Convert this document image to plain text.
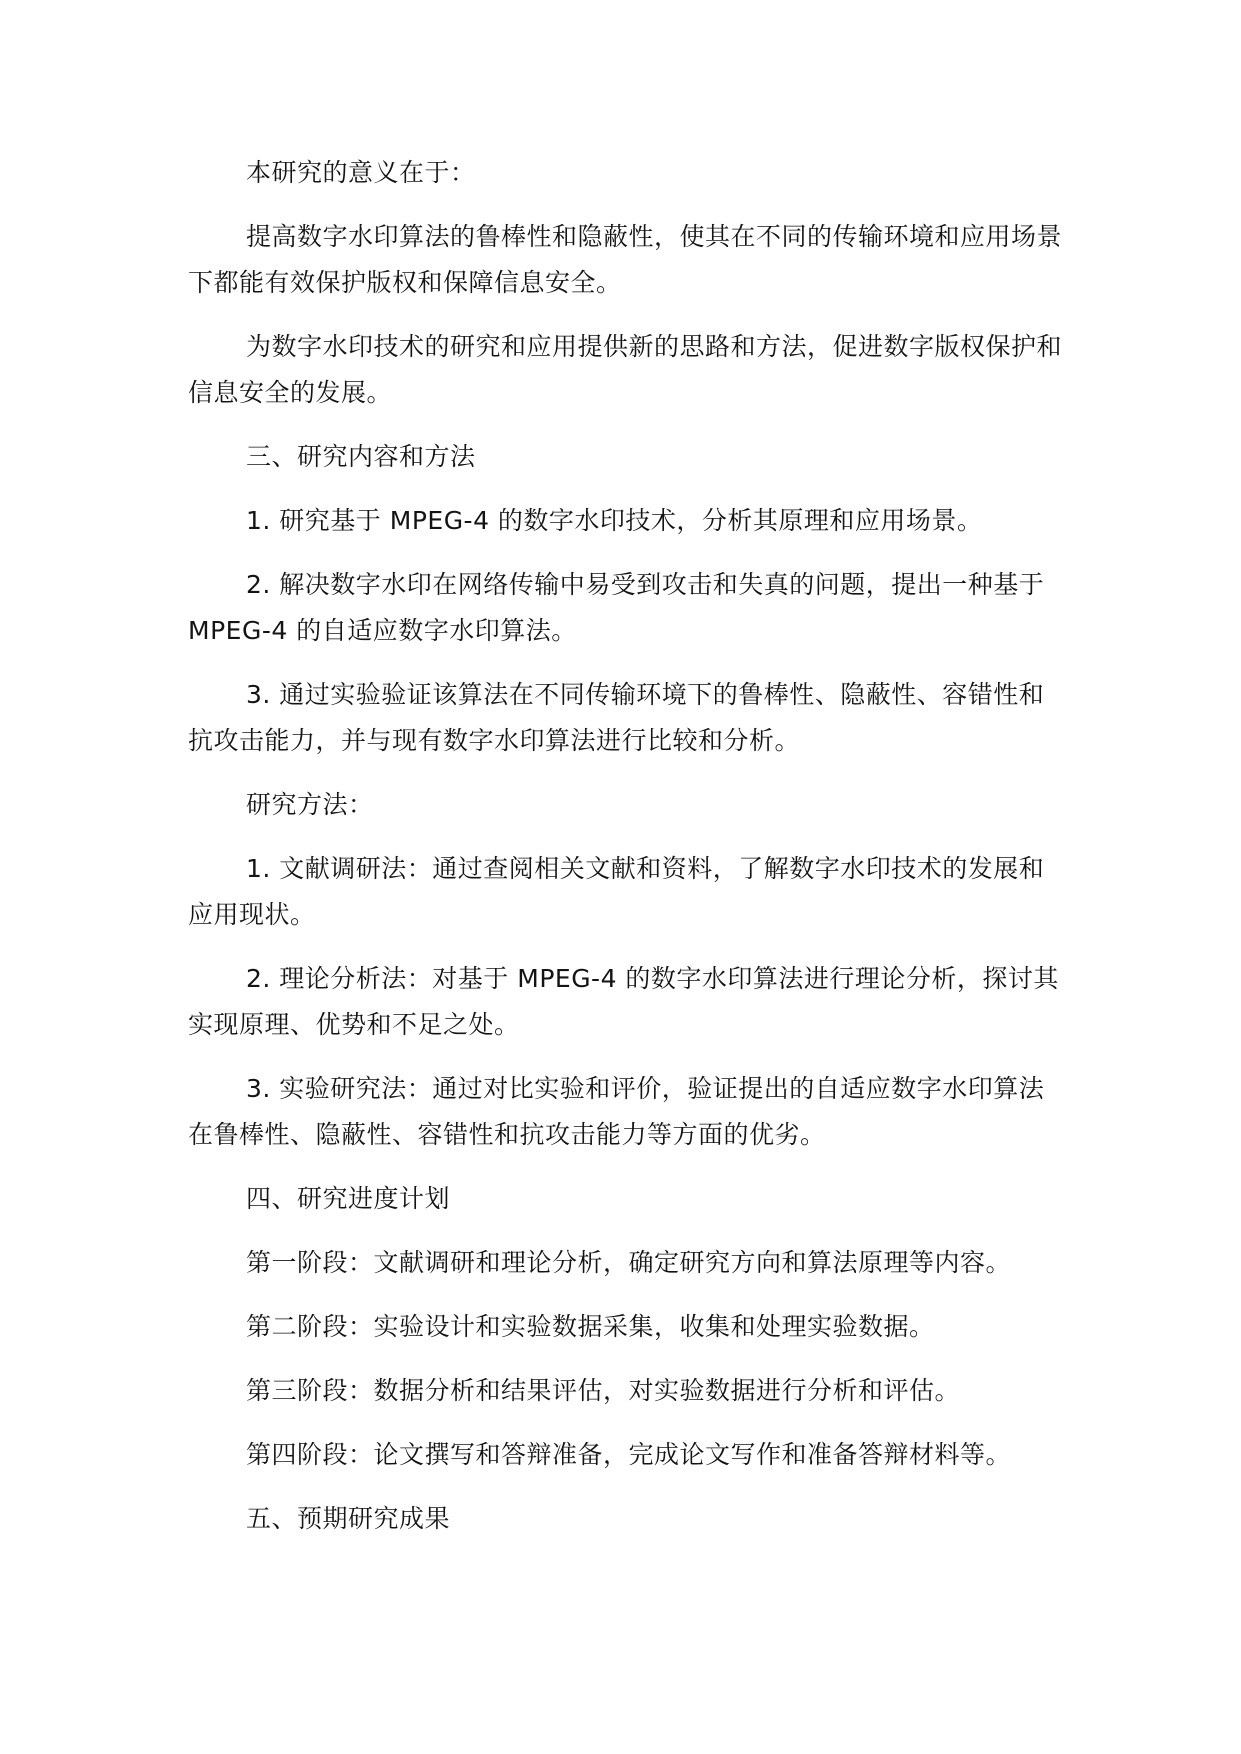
本研究的意义在于：

提高数字水印算法的鲁棒性和隐蔽性，使其在不同的传输环境和应用场景下都能有效保护版权和保障信息安全。

为数字水印技术的研究和应用提供新的思路和方法，促进数字版权保护和信息安全的发展。

三、研究内容和方法

1. 研究基于 MPEG-4 的数字水印技术，分析其原理和应用场景。

2. 解决数字水印在网络传输中易受到攻击和失真的问题，提出一种基于 MPEG-4 的自适应数字水印算法。

3. 通过实验验证该算法在不同传输环境下的鲁棒性、隐蔽性、容错性和抗攻击能力，并与现有数字水印算法进行比较和分析。

研究方法：

1. 文献调研法：通过查阅相关文献和资料，了解数字水印技术的发展和应用现状。

2. 理论分析法：对基于 MPEG-4 的数字水印算法进行理论分析，探讨其实现原理、优势和不足之处。

3. 实验研究法：通过对比实验和评价，验证提出的自适应数字水印算法在鲁棒性、隐蔽性、容错性和抗攻击能力等方面的优劣。

四、研究进度计划

第一阶段：文献调研和理论分析，确定研究方向和算法原理等内容。

第二阶段：实验设计和实验数据采集，收集和处理实验数据。

第三阶段：数据分析和结果评估，对实验数据进行分析和评估。

第四阶段：论文撰写和答辩准备，完成论文写作和准备答辩材料等。

五、预期研究成果
